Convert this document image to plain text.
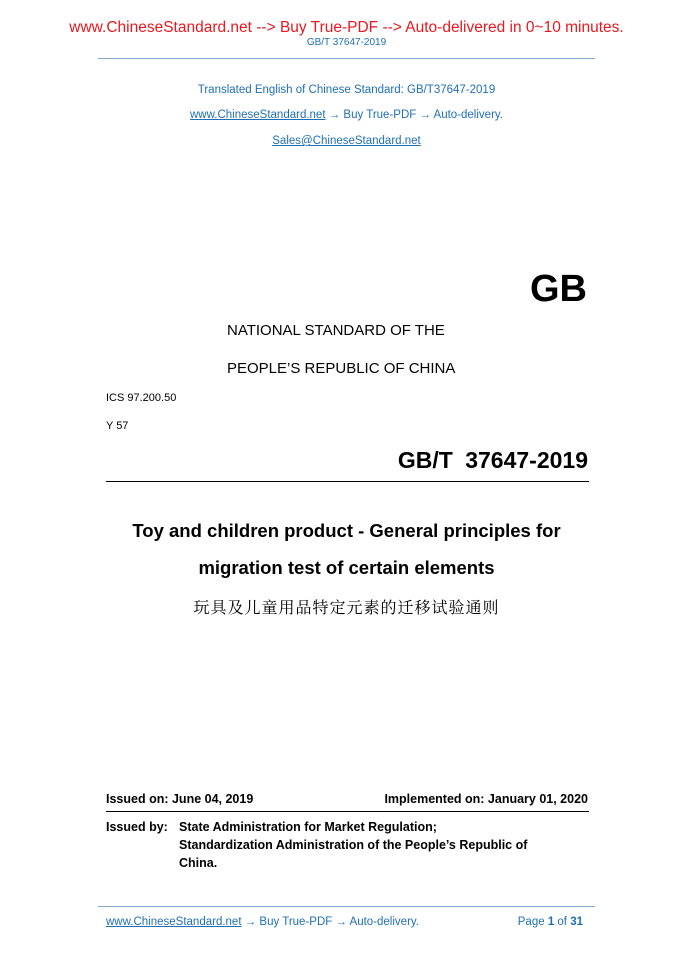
www.ChineseStandard.net --> Buy True-PDF --> Auto-delivered in 0~10 minutes.
GB/T 37647-2019
Translated English of Chinese Standard: GB/T37647-2019
www.ChineseStandard.net → Buy True-PDF → Auto-delivery.
Sales@ChineseStandard.net
GB
NATIONAL STANDARD OF THE
PEOPLE’S REPUBLIC OF CHINA
ICS 97.200.50
Y 57
GB/T 37647-2019
Toy and children product - General principles for
migration test of certain elements
玩具及儿童用品特定元素的迁移试验通则
Issued on: June 04, 2019	Implemented on: January 01, 2020
Issued by: State Administration for Market Regulation;
Standardization Administration of the People’s Republic of
China.
www.ChineseStandard.net → Buy True-PDF → Auto-delivery.	Page 1 of 31
